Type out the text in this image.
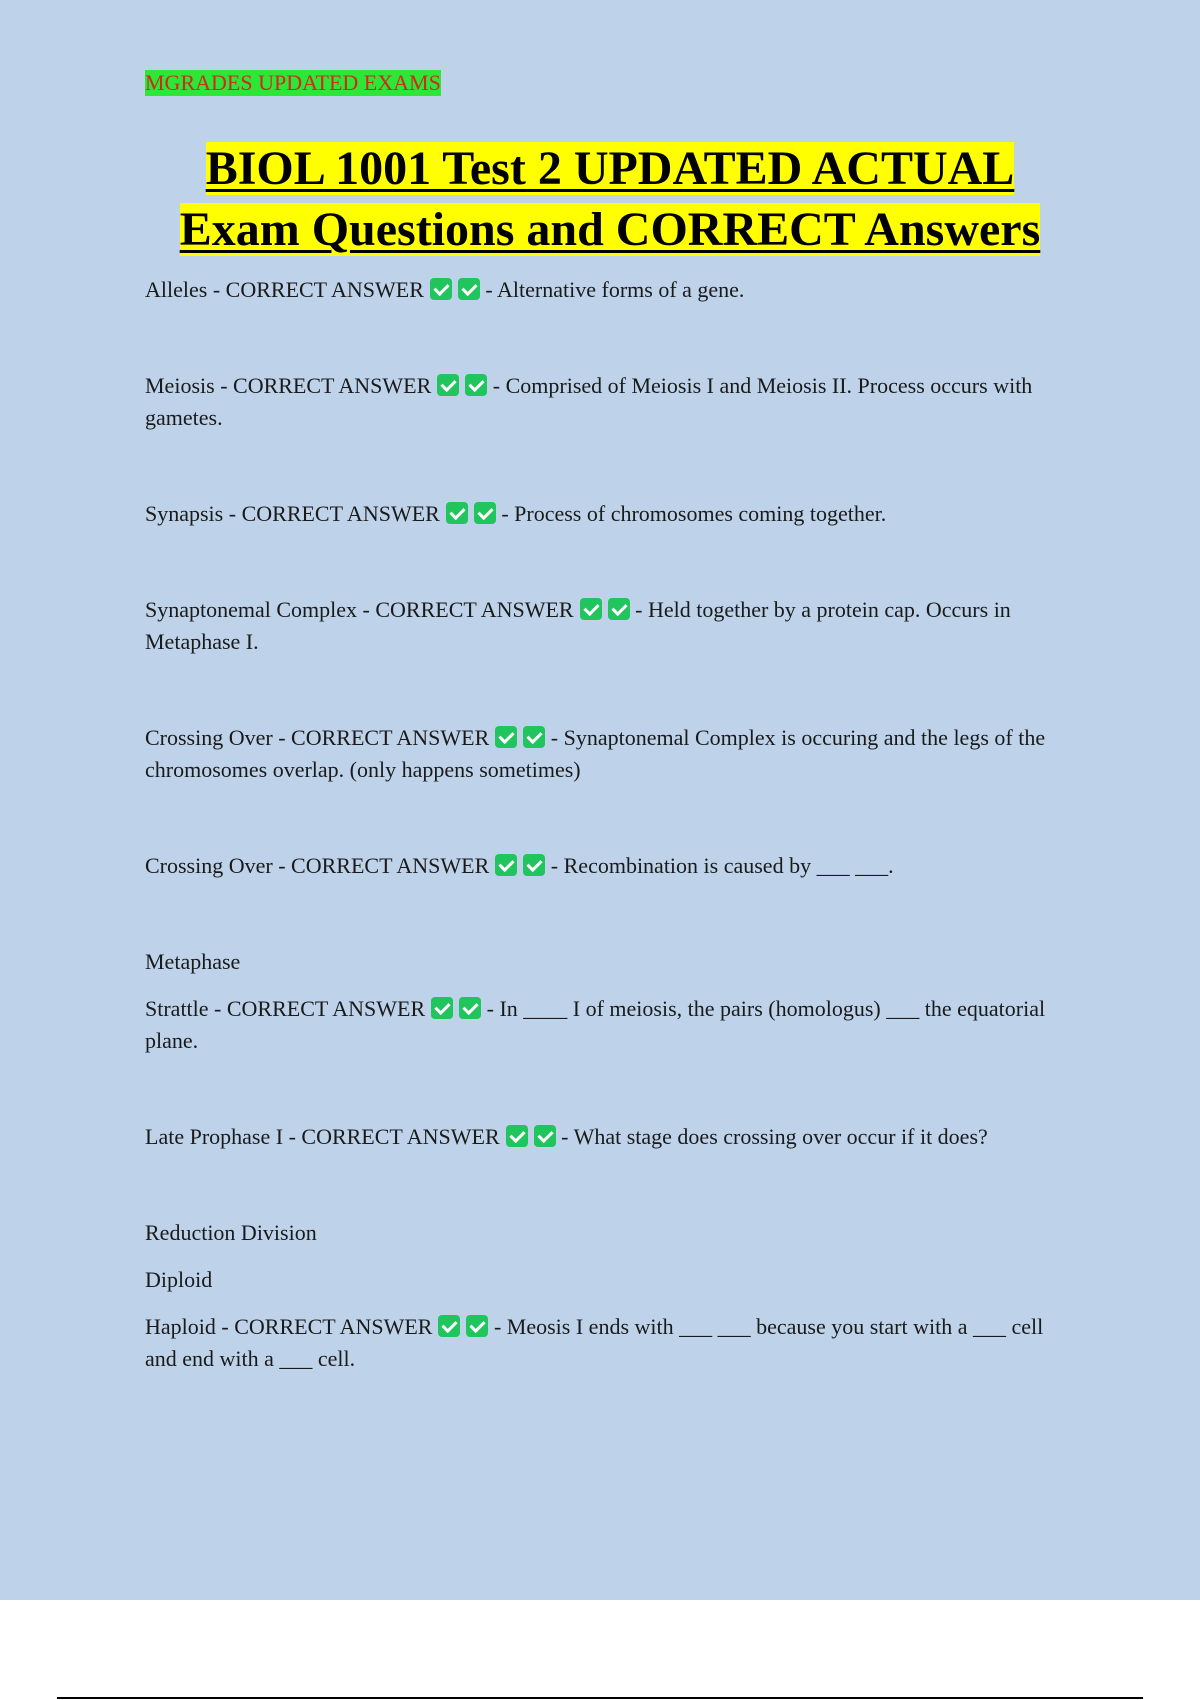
MGRADES UPDATED EXAMS
BIOL 1001 Test 2 UPDATED ACTUAL
Exam Questions and CORRECT Answers

Alleles - CORRECT ANSWER	- Alternative forms of a gene.

Meiosis - CORRECT ANSWER	- Comprised of Meiosis I and Meiosis II. Process occurs with gametes.

Synapsis - CORRECT ANSWER	- Process of chromosomes coming together.

Synaptonemal Complex - CORRECT ANSWER	- Held together by a protein cap. Occurs in Metaphase I.

Crossing Over - CORRECT ANSWER	- Synaptonemal Complex is occuring and the legs of the chromosomes overlap. (only happens sometimes)

Crossing Over - CORRECT ANSWER	- Recombination is caused by ___ ___.

Metaphase

Strattle - CORRECT ANSWER	- In ____ I of meiosis, the pairs (homologus) ___ the equatorial plane.

Late Prophase I - CORRECT ANSWER	- What stage does crossing over occur if it does?

Reduction Division

Diploid

Haploid - CORRECT ANSWER	- Meosis I ends with ___ ___ because you start with a ___ cell and end with a ___ cell.
